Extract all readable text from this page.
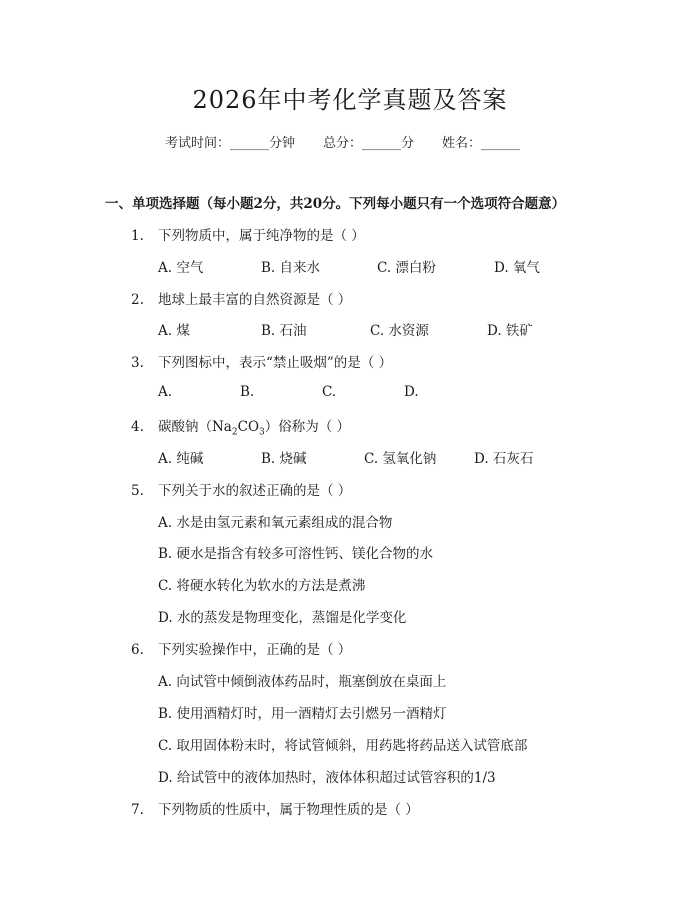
2026年中考化学真题及答案
考试时间：______分钟 总分：______分 姓名：______
一、单项选择题（每小题2分，共20分。下列每小题只有一个选项符合题意）
1. 下列物质中，属于纯净物的是（ ）
A. 空气	B. 自来水	C. 漂白粉	D. 氧气
2. 地球上最丰富的自然资源是（ ）
A. 煤	B. 石油	C. 水资源	D. 铁矿
3. 下列图标中，表示“禁止吸烟”的是（ ）
A.	B.	C.	D.
4. 碳酸钠$(Na_2CO_3)$俗称为（ ）
A. 纯碱	B. 烧碱	C. 氢氧化钠	D. 石灰石
5. 下列关于水的叙述正确的是（ ）
A. 水是由氢元素和氧元素组成的混合物
B. 硬水是指含有较多可溶性钙、镁化合物的水
C. 将硬水转化为软水的方法是煮沸
D. 水的蒸发是物理变化，蒸馏是化学变化
6. 下列实验操作中，正确的是（ ）
A. 向试管中倾倒液体药品时，瓶塞倒放在桌面上
B. 使用酒精灯时，用一酒精灯去引燃另一酒精灯
C. 取用固体粉末时，将试管倾斜，用药匙将药品送入试管底部
D. 给试管中的液体加热时，液体体积超过试管容积的1/3
7. 下列物质的性质中，属于物理性质的是（ ）
